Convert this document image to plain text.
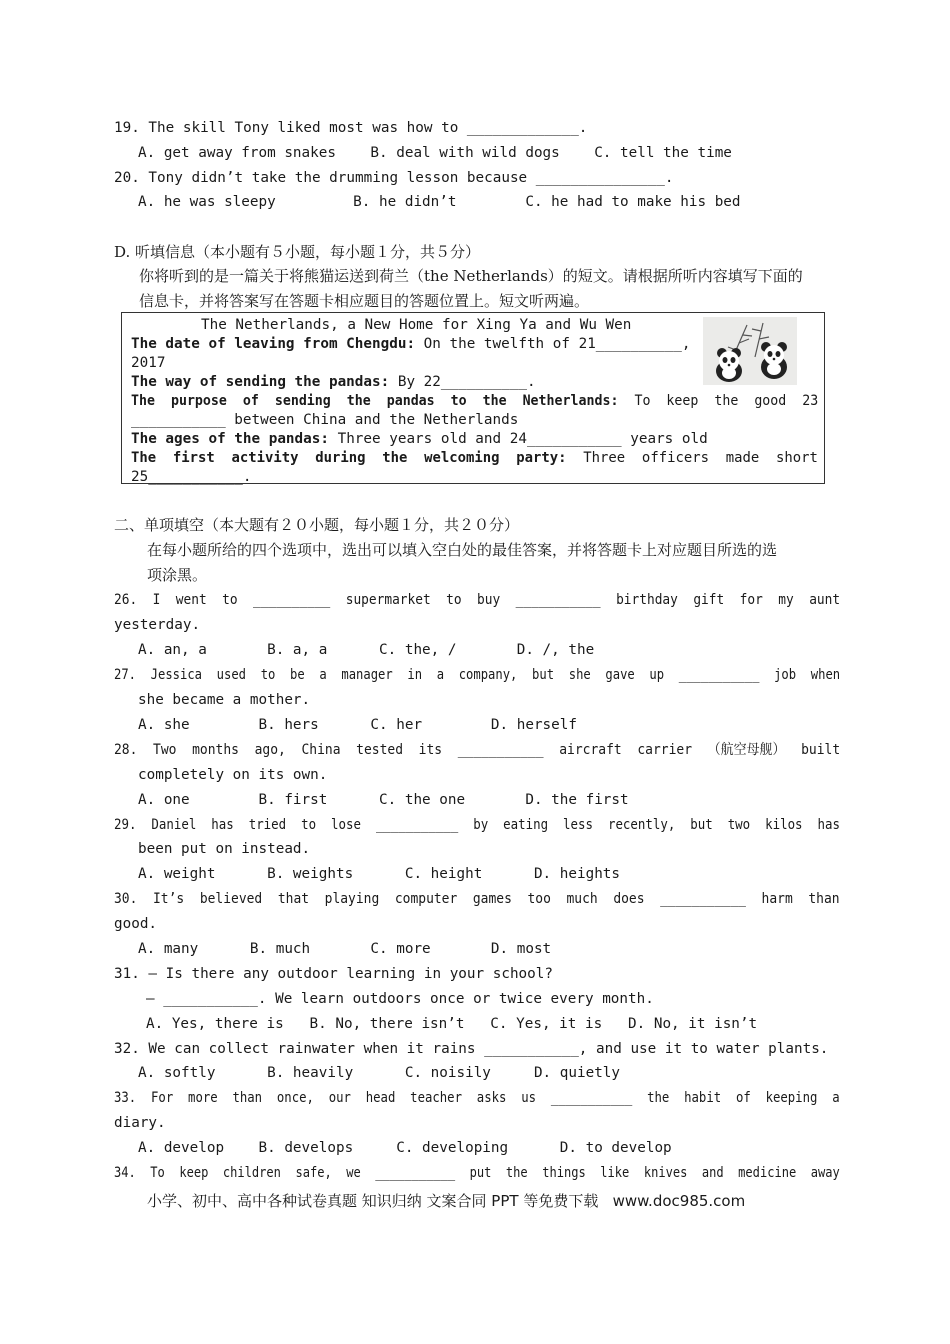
19. The skill Tony liked most was how to _____________.
A. get away from snakes    B. deal with wild dogs    C. tell the time
20. Tony didn’t take the drumming lesson because _______________.
A. he was sleepy         B. he didn’t        C. he had to make his bed
D. 听填信息（本小题有５小题，每小题１分，共５分）
你将听到的是一篇关于将熊猫运送到荷兰（the Netherlands）的短文。请根据所听内容填写下面的
信息卡，并将答案写在答题卡相应题目的答题位置上。短文听两遍。
The Netherlands, a New Home for Xing Ya and Wu Wen
The date of leaving from Chengdu: On the twelfth of 21__________,
2017
The way of sending the pandas: By 22__________.
The  purpose  of  sending  the  pandas  to  the  Netherlands:  To  keep  the  good  23
___________ between China and the Netherlands
The ages of the pandas: Three years old and 24___________ years old
The  first  activity  during  the  welcoming  party:  Three  officers  made  short
25___________.
二、单项填空（本大题有２０小题，每小题１分，共２０分）
在每小题所给的四个选项中，选出可以填入空白处的最佳答案，并将答题卡上对应题目所选的选
项涂黑。
26.  I  went  to  __________  supermarket  to  buy  ___________  birthday  gift  for  my  aunt
yesterday.
A. an, a       B. a, a      C. the, /       D. /, the
27.  Jessica  used  to  be  a  manager  in  a  company,  but  she  gave  up  ___________  job  when
she became a mother.
A. she        B. hers      C. her        D. herself
28.  Two  months  ago,  China  tested  its  ___________  aircraft  carrier  （航空母舰）  built
completely on its own.
A. one        B. first      C. the one       D. the first
29.  Daniel  has  tried  to  lose  ___________  by  eating  less  recently,  but  two  kilos  has
been put on instead.
A. weight      B. weights      C. height      D. heights
30.  It’s  believed  that  playing  computer  games  too  much  does  ___________  harm  than
good.
A. many      B. much       C. more       D. most
31. — Is there any outdoor learning in your school?
— ___________. We learn outdoors once or twice every month.
A. Yes, there is   B. No, there isn’t   C. Yes, it is   D. No, it isn’t
32. We can collect rainwater when it rains ___________, and use it to water plants.
A. softly      B. heavily      C. noisily     D. quietly
33.  For  more  than  once,  our  head  teacher  asks  us  ___________  the  habit  of  keeping  a
diary.
A. develop    B. develops     C. developing      D. to develop
34.  To  keep  children  safe,  we  ___________  put  the  things  like  knives  and  medicine  away
小学、初中、高中各种试卷真题 知识归纳 文案合同 PPT 等免费下载   www.doc985.com
